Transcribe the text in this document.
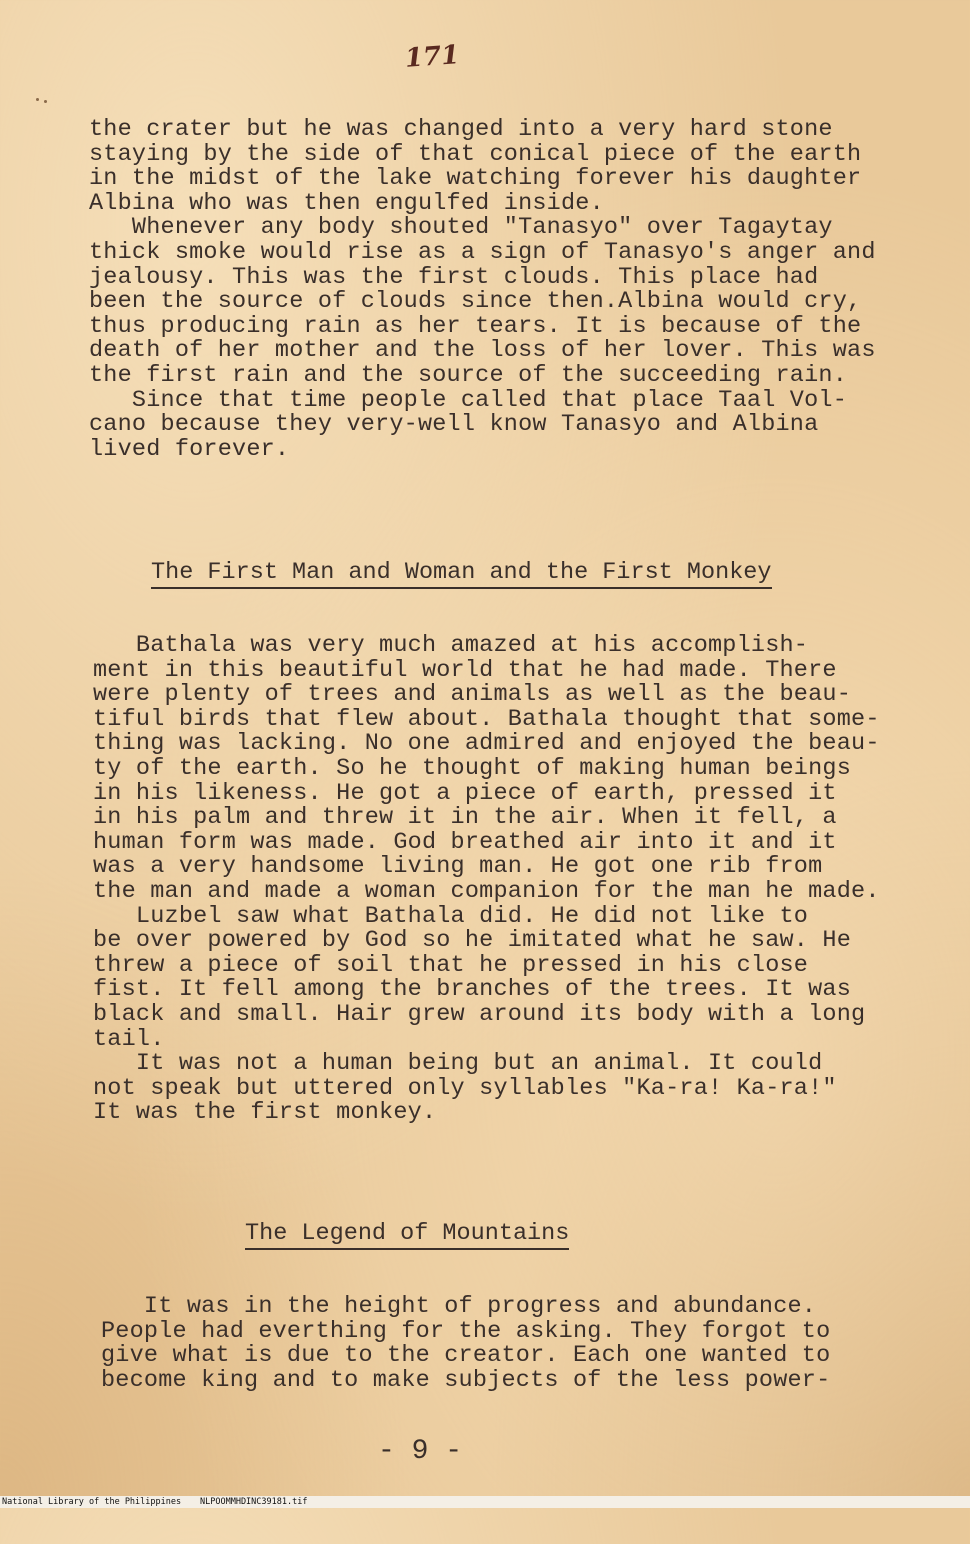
171
the crater but he was changed into a very hard stone
staying by the side of that conical piece of the earth
in the midst of the lake watching forever his daughter
Albina who was then engulfed inside.
Whenever any body shouted "Tanasyo" over Tagaytay
thick smoke would rise as a sign of Tanasyo's anger and
jealousy. This was the first clouds. This place had
been the source of clouds since then.Albina would cry,
thus producing rain as her tears. It is because of the
death of her mother and the loss of her lover. This was
the first rain and the source of the succeeding rain.
Since that time people called that place Taal Vol-
cano because they very-well know Tanasyo and Albina
lived forever.
The First Man and Woman and the First Monkey
Bathala was very much amazed at his accomplish-
ment in this beautiful world that he had made. There
were plenty of trees and animals as well as the beau-
tiful birds that flew about. Bathala thought that some-
thing was lacking. No one admired and enjoyed the beau-
ty of the earth. So he thought of making human beings
in his likeness. He got a piece of earth, pressed it
in his palm and threw it in the air. When it fell, a
human form was made. God breathed air into it and it
was a very handsome living man. He got one rib from
the man and made a woman companion for the man he made.
Luzbel saw what Bathala did. He did not like to
be over powered by God so he imitated what he saw. He
threw a piece of soil that he pressed in his close
fist. It fell among the branches of the trees. It was
black and small. Hair grew around its body with a long
tail.
It was not a human being but an animal. It could
not speak but uttered only syllables "Ka-ra! Ka-ra!"
It was the first monkey.
The Legend of Mountains
It was in the height of progress and abundance.
People had everthing for the asking. They forgot to
give what is due to the creator. Each one wanted to
become king and to make subjects of the less power-
- 9 -

National Library of the Philippines

NLPOOMMHDINC39181.tif
